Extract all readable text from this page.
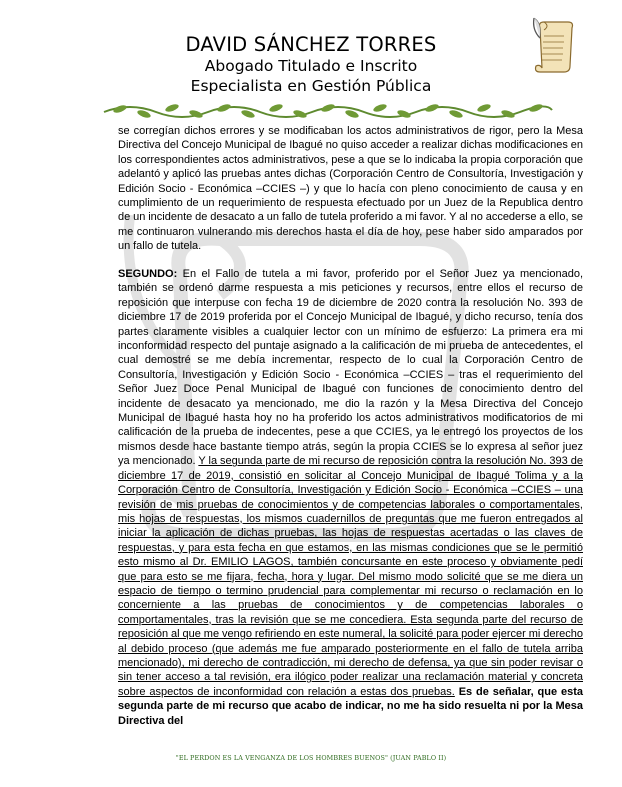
DAVID SÁNCHEZ TORRES
Abogado Titulado e Inscrito
Especialista en Gestión Pública
se corregían dichos errores y se modificaban los actos administrativos de rigor, pero la Mesa Directiva del Concejo Municipal de Ibagué no quiso acceder a realizar dichas modificaciones en los correspondientes actos administrativos, pese a que se lo indicaba la propia corporación que adelantó y aplicó las pruebas antes dichas (Corporación Centro de Consultoría, Investigación y Edición Socio - Económica –CCIES –) y que lo hacía con pleno conocimiento de causa y en cumplimiento de un requerimiento de respuesta efectuado por un Juez de la Republica dentro de un incidente de desacato a un fallo de tutela proferido a mi favor. Y al no accederse a ello, se me continuaron vulnerando mis derechos hasta el día de hoy, pese haber sido amparados por un fallo de tutela.
SEGUNDO: En el Fallo de tutela a mi favor, proferido por el Señor Juez ya mencionado, también se ordenó darme respuesta a mis peticiones y recursos, entre ellos el recurso de reposición que interpuse con fecha 19 de diciembre de 2020 contra la resolución No. 393 de diciembre 17 de 2019 proferida por el Concejo Municipal de Ibagué, y dicho recurso, tenía dos partes claramente visibles a cualquier lector con un mínimo de esfuerzo: La primera era mi inconformidad respecto del puntaje asignado a la calificación de mi prueba de antecedentes, el cual demostré se me debía incrementar, respecto de lo cual la Corporación Centro de Consultoría, Investigación y Edición Socio - Económica –CCIES – tras el requerimiento del Señor Juez Doce Penal Municipal de Ibagué con funciones de conocimiento dentro del incidente de desacato ya mencionado, me dio la razón y la Mesa Directiva del Concejo Municipal de Ibagué hasta hoy no ha proferido los actos administrativos modificatorios de mi calificación de la prueba de indecentes, pese a que CCIES, ya le entregó los proyectos de los mismos desde hace bastante tiempo atrás, según la propia CCIES se lo expresa al señor juez ya mencionado. Y la segunda parte de mi recurso de reposición contra la resolución No. 393 de diciembre 17 de 2019, consistió en solicitar al Concejo Municipal de Ibagué Tolima y a la Corporación Centro de Consultoría, Investigación y Edición Socio - Económica –CCIES – una revisión de mis pruebas de conocimientos y de competencias laborales o comportamentales, mis hojas de respuestas, los mismos cuadernillos de preguntas que me fueron entregados al iniciar la aplicación de dichas pruebas, las hojas de respuestas acertadas o las claves de respuestas, y para esta fecha en que estamos, en las mismas condiciones que se le permitió esto mismo al Dr. EMILIO LAGOS, también concursante en este proceso y obviamente pedí que para esto se me fijara, fecha, hora y lugar. Del mismo modo solicité que se me diera un espacio de tiempo o termino prudencial para complementar mi recurso o reclamación en lo concerniente a las pruebas de conocimientos y de competencias laborales o comportamentales, tras la revisión que se me concediera. Esta segunda parte del recurso de reposición al que me vengo refiriendo en este numeral, la solicité para poder ejercer mi derecho al debido proceso (que además me fue amparado posteriormente en el fallo de tutela arriba mencionado), mi derecho de contradicción, mi derecho de defensa, ya que sin poder revisar o sin tener acceso a tal revisión, era ilógico poder realizar una reclamación material y concreta sobre aspectos de inconformidad con relación a estas dos pruebas. Es de señalar, que esta segunda parte de mi recurso que acabo de indicar, no me ha sido resuelta ni por la Mesa Directiva del
"EL PERDON ES LA VENGANZA DE LOS HOMBRES BUENOS" (JUAN PABLO II)
